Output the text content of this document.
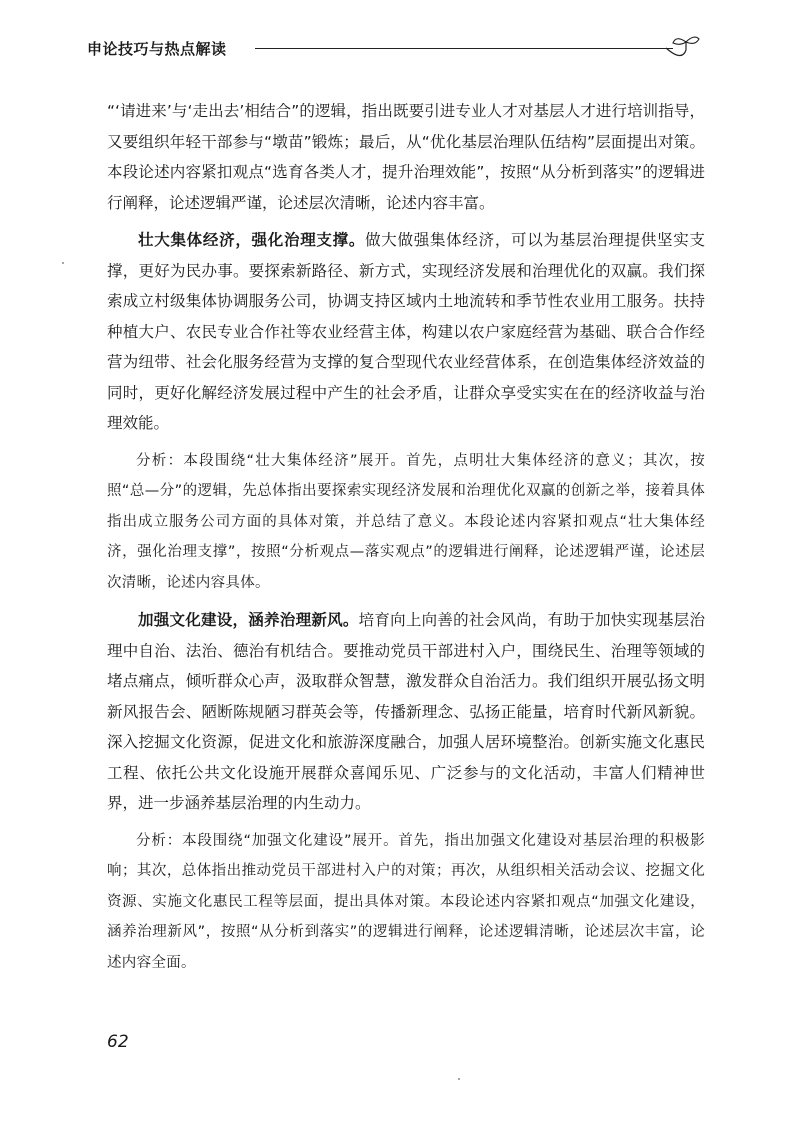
申论技巧与热点解读

“‘请进来’与‘走出去’相结合”的逻辑，指出既要引进专业人才对基层人才进行培训指导，又要组织年轻干部参与“墩苗”锻炼；最后，从“优化基层治理队伍结构”层面提出对策。本段论述内容紧扣观点“选育各类人才，提升治理效能”，按照“从分析到落实”的逻辑进行阐释，论述逻辑严谨，论述层次清晰，论述内容丰富。

壮大集体经济，强化治理支撑。做大做强集体经济，可以为基层治理提供坚实支撑，更好为民办事。要探索新路径、新方式，实现经济发展和治理优化的双赢。我们探索成立村级集体协调服务公司，协调支持区域内土地流转和季节性农业用工服务。扶持种植大户、农民专业合作社等农业经营主体，构建以农户家庭经营为基础、联合合作经营为纽带、社会化服务经营为支撑的复合型现代农业经营体系，在创造集体经济效益的同时，更好化解经济发展过程中产生的社会矛盾，让群众享受实实在在的经济收益与治理效能。

分析：本段围绕“壮大集体经济”展开。首先，点明壮大集体经济的意义；其次，按照“总—分”的逻辑，先总体指出要探索实现经济发展和治理优化双赢的创新之举，接着具体指出成立服务公司方面的具体对策，并总结了意义。本段论述内容紧扣观点“壮大集体经济，强化治理支撑”，按照“分析观点—落实观点”的逻辑进行阐释，论述逻辑严谨，论述层次清晰，论述内容具体。

加强文化建设，涵养治理新风。培育向上向善的社会风尚，有助于加快实现基层治理中自治、法治、德治有机结合。要推动党员干部进村入户，围绕民生、治理等领域的堵点痛点，倾听群众心声，汲取群众智慧，激发群众自治活力。我们组织开展弘扬文明新风报告会、陋断陈规陋习群英会等，传播新理念、弘扬正能量，培育时代新风新貌。深入挖掘文化资源，促进文化和旅游深度融合，加强人居环境整治。创新实施文化惠民工程、依托公共文化设施开展群众喜闻乐见、广泛参与的文化活动，丰富人们精神世界，进一步涵养基层治理的内生动力。

分析：本段围绕“加强文化建设”展开。首先，指出加强文化建设对基层治理的积极影响；其次，总体指出推动党员干部进村入户的对策；再次，从组织相关活动会议、挖掘文化资源、实施文化惠民工程等层面，提出具体对策。本段论述内容紧扣观点“加强文化建设，涵养治理新风”，按照“从分析到落实”的逻辑进行阐释，论述逻辑清晰，论述层次丰富，论述内容全面。

62
